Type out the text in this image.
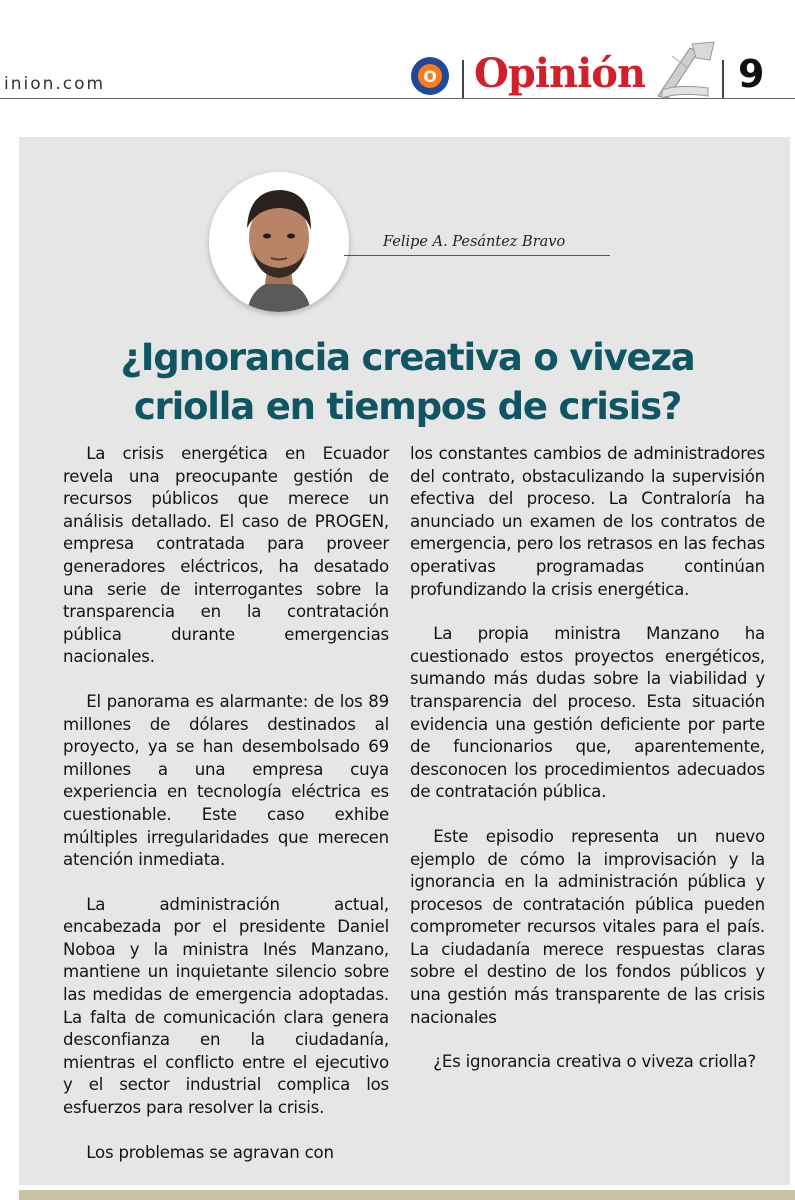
inion.com	O Opinión 9
Felipe A. Pesántez Bravo
¿Ignorancia creativa o viveza
criolla en tiempos de crisis?

La crisis energética en Ecuador revela una preocupante gestión de recursos públicos que merece un análisis detallado. El caso de PROGEN, empresa contratada para proveer generadores eléctricos, ha desatado una serie de interrogantes sobre la transparencia en la contratación pública durante emergencias nacionales.

El panorama es alarmante: de los 89 millones de dólares destinados al proyecto, ya se han desembolsado 69 millones a una empresa cuya experiencia en tecnología eléctrica es cuestionable. Este caso exhibe múltiples irregularidades que merecen atención inmediata.

La administración actual, encabezada por el presidente Daniel Noboa y la ministra Inés Manzano, mantiene un inquietante silencio sobre las medidas de emergencia adoptadas. La falta de comunicación clara genera desconfianza en la ciudadanía, mientras el conflicto entre el ejecutivo y el sector industrial complica los esfuerzos para resolver la crisis.

Los problemas se agravan con

los constantes cambios de administradores del contrato, obstaculizando la supervisión efectiva del proceso. La Contraloría ha anunciado un examen de los contratos de emergencia, pero los retrasos en las fechas operativas programadas continúan profundizando la crisis energética.

La propia ministra Manzano ha cuestionado estos proyectos energéticos, sumando más dudas sobre la viabilidad y transparencia del proceso. Esta situación evidencia una gestión deficiente por parte de funcionarios que, aparentemente, desconocen los procedimientos adecuados de contratación pública.

Este episodio representa un nuevo ejemplo de cómo la improvisación y la ignorancia en la administración pública y procesos de contratación pública pueden comprometer recursos vitales para el país. La ciudadanía merece respuestas claras sobre el destino de los fondos públicos y una gestión más transparente de las crisis nacionales

¿Es ignorancia creativa o viveza criolla?
